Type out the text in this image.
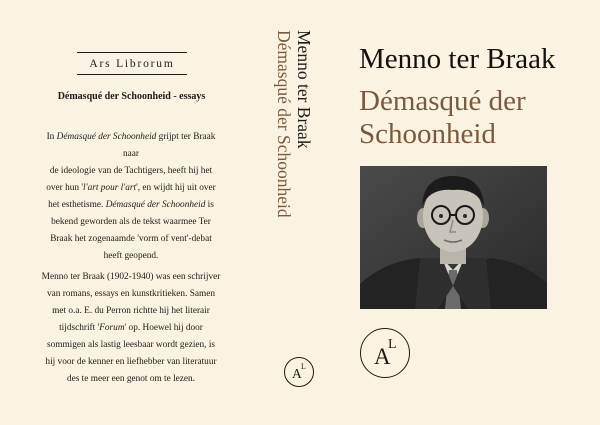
Ars Librorum
Démasqué der Schoonheid - essays

In Démasqué der Schoonheid grijpt ter Braak naar

de ideologie van de Tachtigers, heeft hij het

over hun 'l'art pour l'art', en wijdt hij uit over

het esthetisme. Démasqué der Schoonheid is

bekend geworden als de tekst waarmee Ter

Braak het zogenaamde 'vorm of vent'-debat

heeft geopend.

Menno ter Braak (1902-1940) was een schrijver

van romans, essays en kunstkritieken. Samen

met o.a. E. du Perron richtte hij het literair

tijdschrift 'Forum' op. Hoewel hij door

sommigen als lastig leesbaar wordt gezien, is

hij voor de kenner en liefhebber van literatuur

des te meer een genot om te lezen.

Menno ter Braak
Démasqué der Schoonheid
A L
Menno ter Braak
Démasqué der
Schoonheid
A
L
